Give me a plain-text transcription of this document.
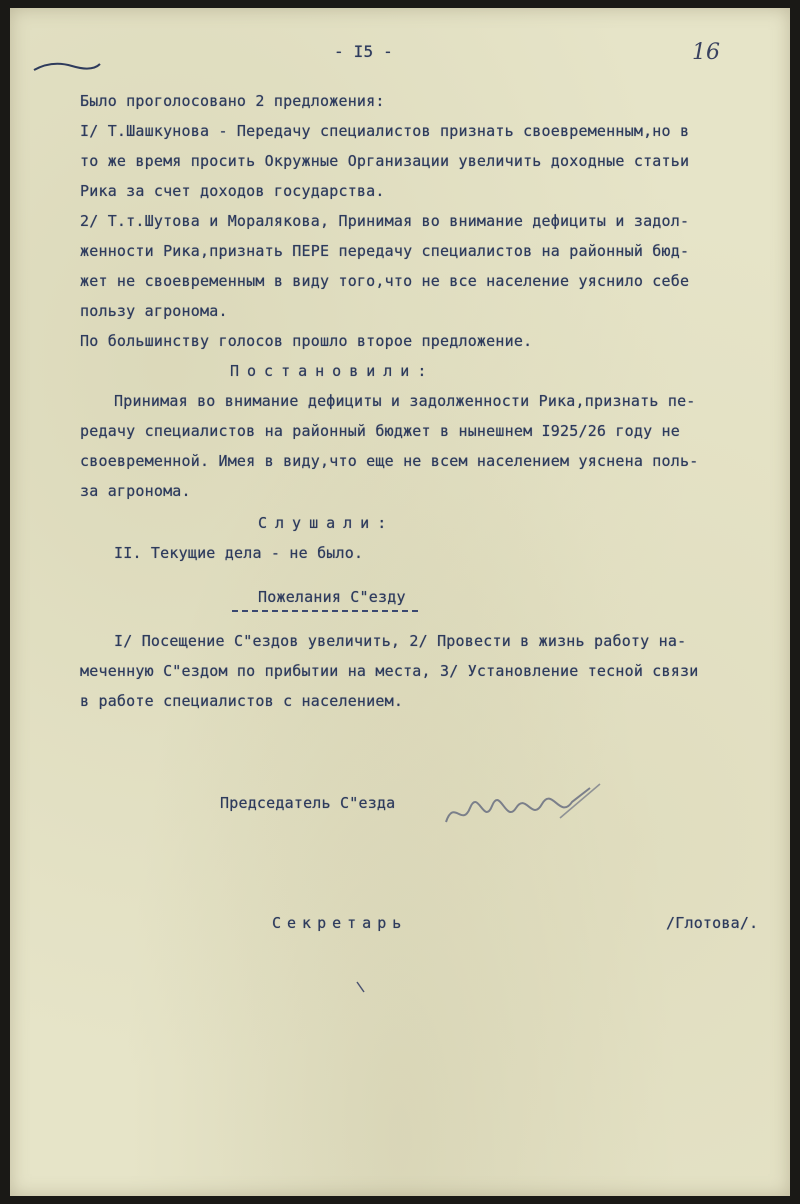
- I5 -	16
Было проголосовано 2 предложения:
I/ Т.Шашкунова - Передачу специалистов признать своевременным,но в
то же время просить Окружные Организации увеличить доходные статьи
Рика за счет доходов государства.
2/ Т.т.Шутова и Моралякова, Принимая во внимание дефициты и задол-
женности Рика,признать ПЕРЕ передачу специалистов на районный бюд-
жет не своевременным в виду того,что не все население уяснило себе
пользу агронома.
По большинству голосов прошло второе предложение.
Постановили:
Принимая во внимание дефициты и задолженности Рика,признать пе-
редачу специалистов на районный бюджет в нынешнем I925/26 году не
своевременной. Имея в виду,что еще не всем населением уяснена поль-
за агронома.
Слушали:
II. Текущие дела - не было.
Пожелания С"езду
I/ Посещение С"ездов увеличить, 2/ Провести в жизнь работу на-
меченную С"ездом по прибытии на места, 3/ Установление тесной связи
в работе специалистов с населением.
Председатель С"езда
Секретарь	/Глотова/.
